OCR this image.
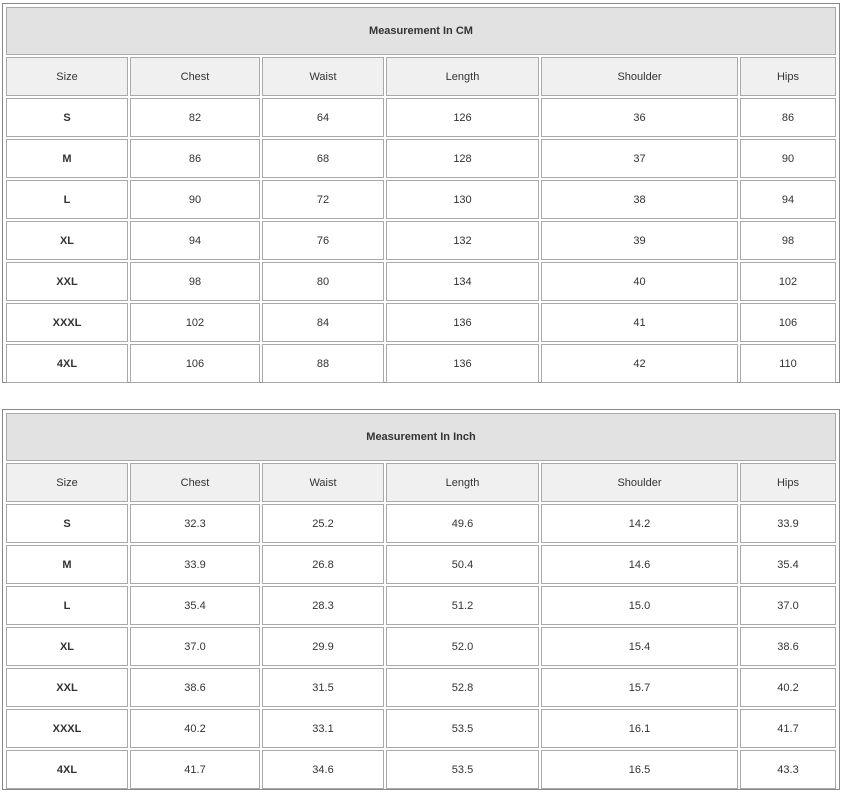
Measurement In CM					
Size	Chest	Waist	Length	Shoulder	Hips
S	82	64	126	36	86
M	86	68	128	37	90
L	90	72	130	38	94
XL	94	76	132	39	98
XXL	98	80	134	40	102
XXXL	102	84	136	41	106
4XL	106	88	136	42	110
Measurement In Inch					
Size	Chest	Waist	Length	Shoulder	Hips
S	32.3	25.2	49.6	14.2	33.9
M	33.9	26.8	50.4	14.6	35.4
L	35.4	28.3	51.2	15.0	37.0
XL	37.0	29.9	52.0	15.4	38.6
XXL	38.6	31.5	52.8	15.7	40.2
XXXL	40.2	33.1	53.5	16.1	41.7
4XL	41.7	34.6	53.5	16.5	43.3
